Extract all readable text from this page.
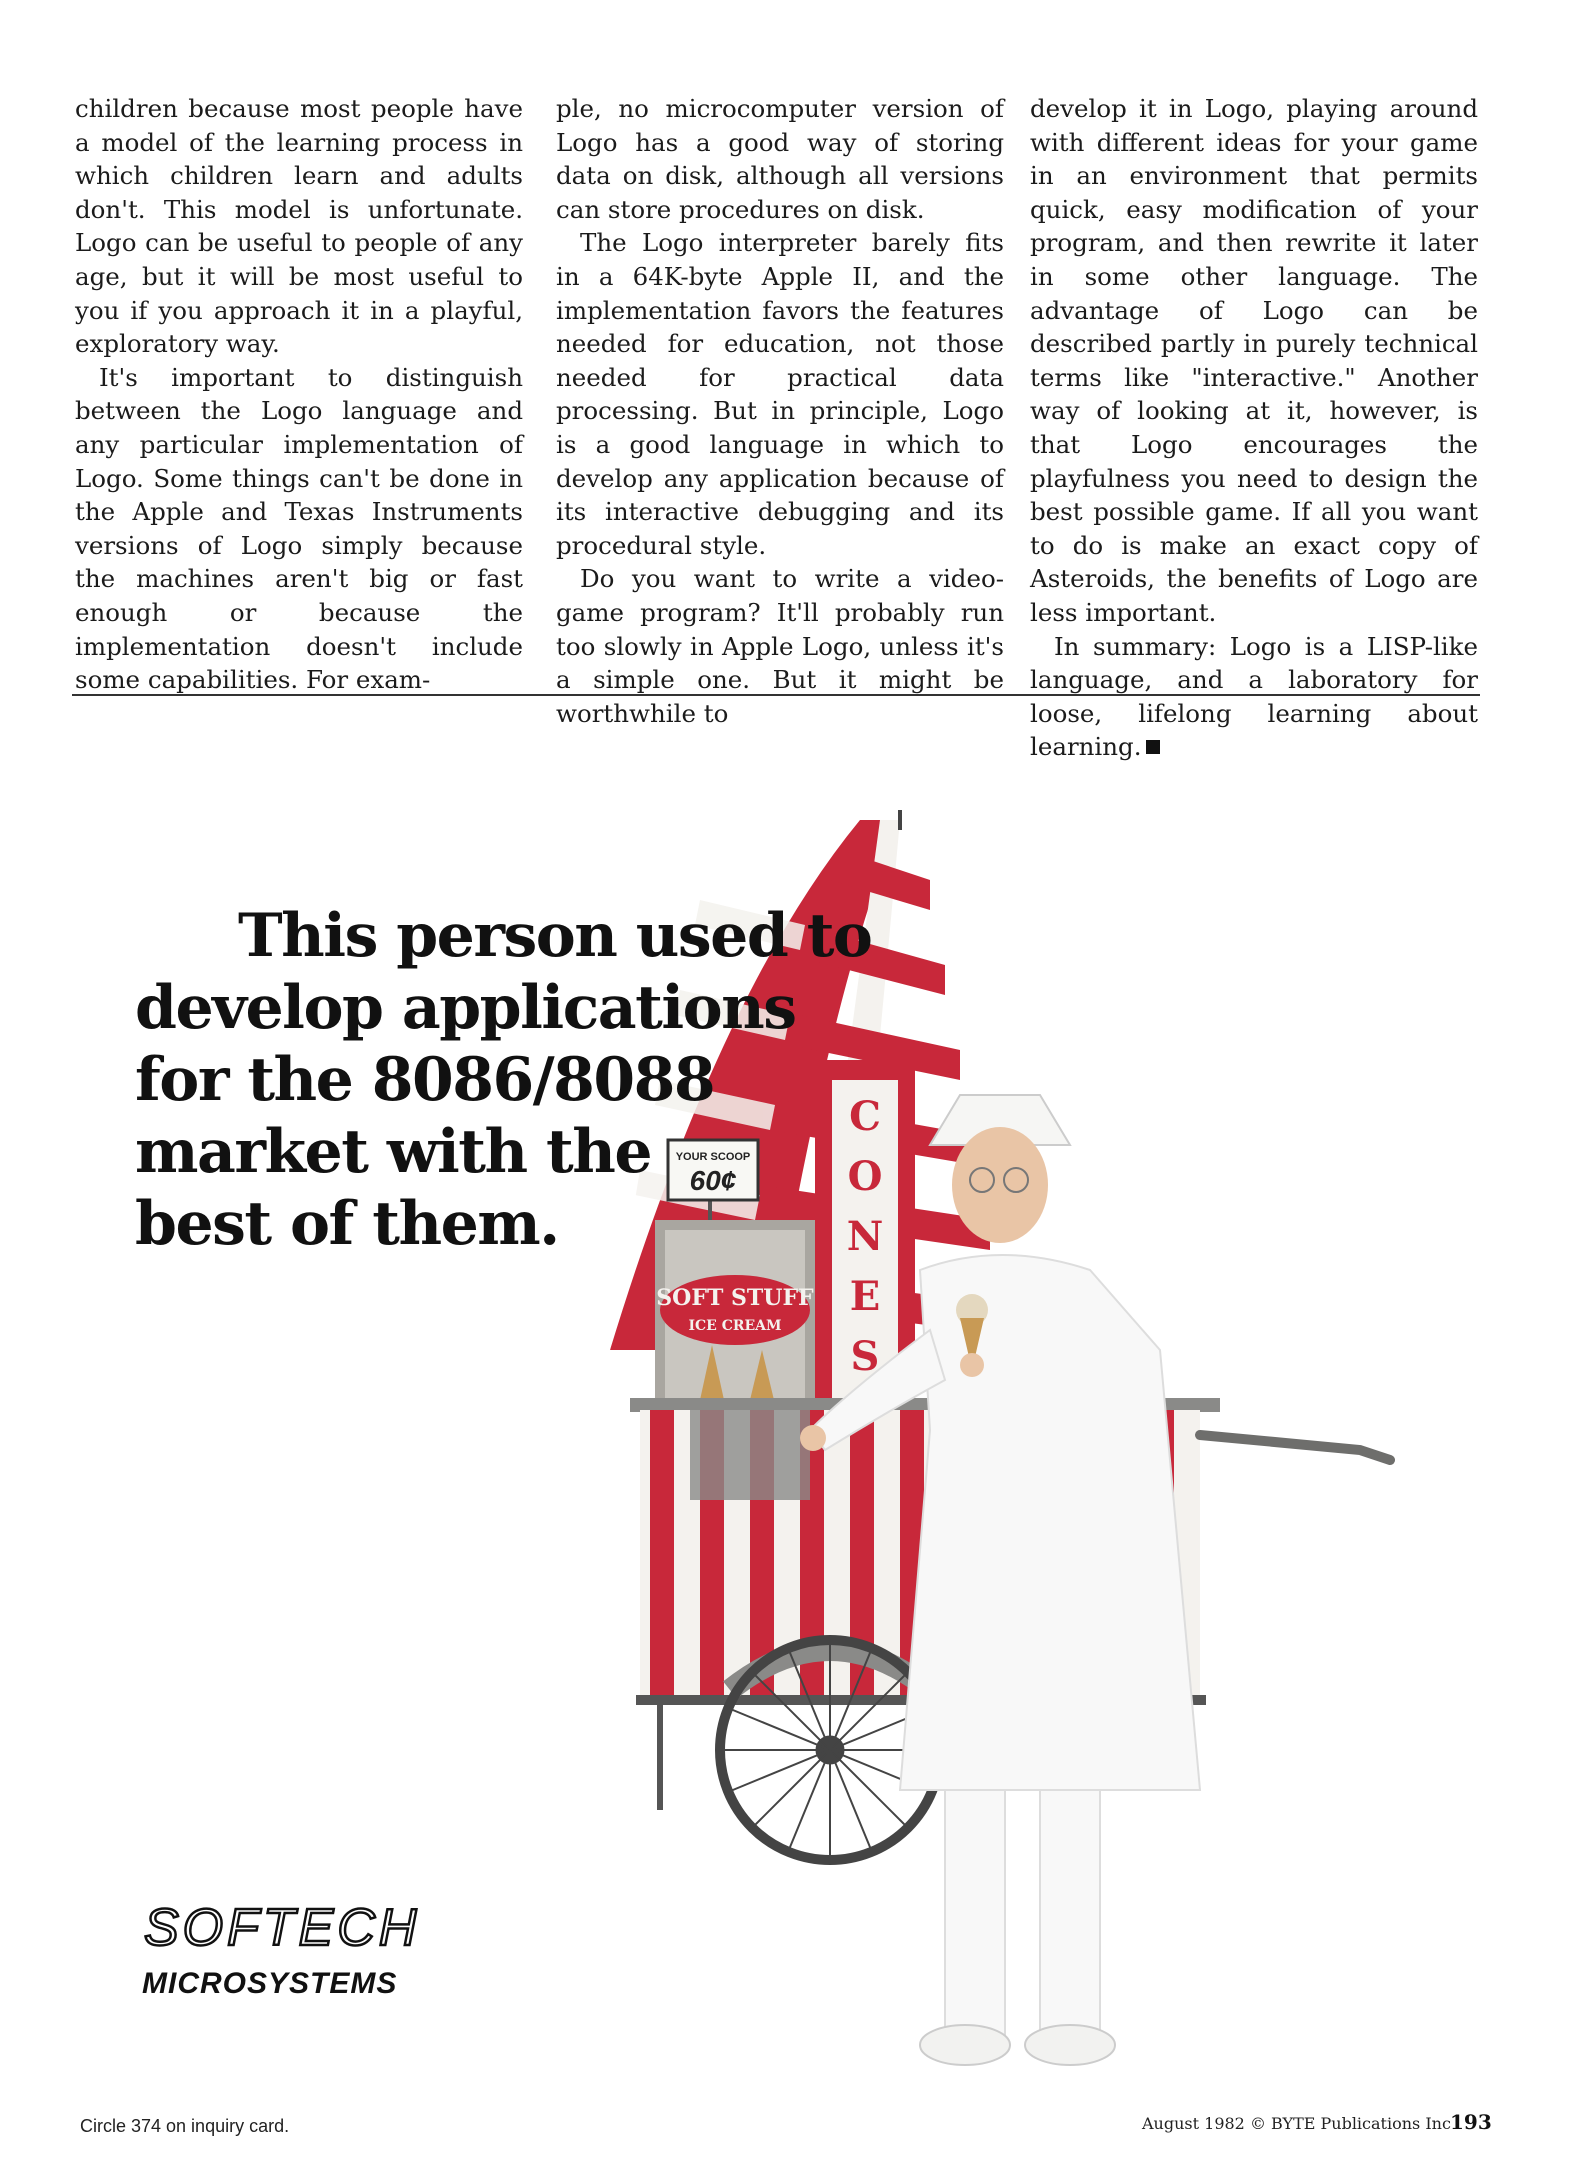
children because most people have a model of the learning process in which children learn and adults don't. This model is unfortunate. Logo can be useful to people of any age, but it will be most useful to you if you approach it in a playful, exploratory way.

It's important to distinguish between the Logo language and any particular implementation of Logo. Some things can't be done in the Apple and Texas Instruments versions of Logo simply because the machines aren't big or fast enough or because the implementation doesn't include some capabilities. For exam-

ple, no microcomputer version of Logo has a good way of storing data on disk, although all versions can store procedures on disk.

The Logo interpreter barely fits in a 64K-byte Apple II, and the implementation favors the features needed for education, not those needed for practical data processing. But in principle, Logo is a good language in which to develop any application because of its interactive debugging and its procedural style.

Do you want to write a video-game program? It'll probably run too slowly in Apple Logo, unless it's a simple one. But it might be worthwhile to

develop it in Logo, playing around with different ideas for your game in an environment that permits quick, easy modification of your program, and then rewrite it later in some other language. The advantage of Logo can be described partly in purely technical terms like "interactive." Another way of looking at it, however, is that Logo encourages the playfulness you need to design the best possible game. If all you want to do is make an exact copy of Asteroids, the benefits of Logo are less important.

In summary: Logo is a LISP-like language, and a laboratory for loose, lifelong learning about learning.

C
O
N
E
S
YOUR SCOOP
60¢
SOFT STUFF
ICE CREAM
This person used to
develop applications
for the 8086/8088
market with the
best of them.
SOFTECH
MICROSYSTEMS
Circle 374 on inquiry card.	August 1982 © BYTE Publications Inc 193
